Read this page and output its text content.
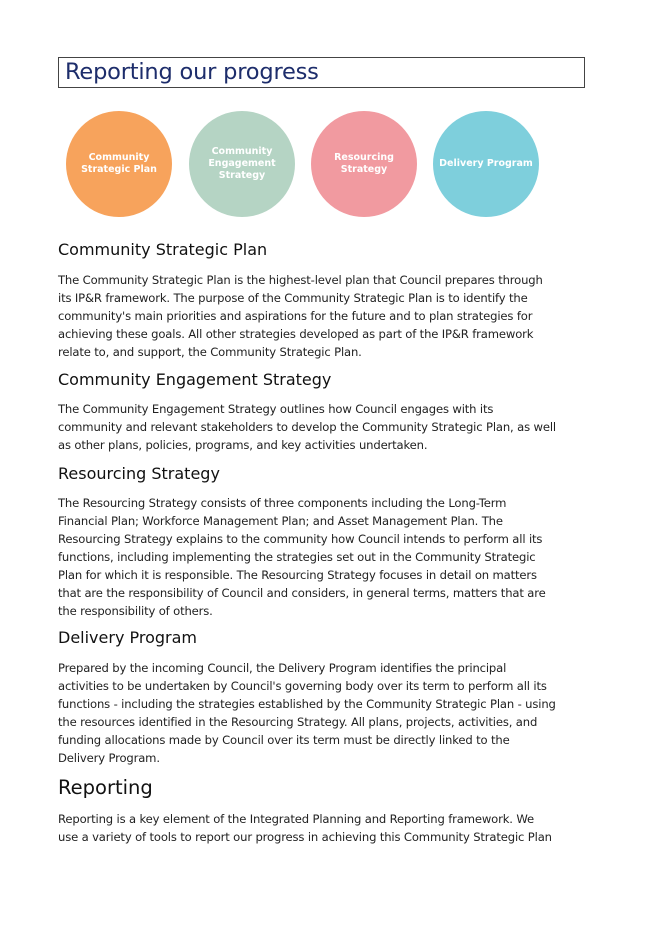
Reporting our progress
Community
Strategic Plan
Community
Engagement
Strategy
Resourcing
Strategy
Delivery Program
Community Strategic Plan
The Community Strategic Plan is the highest-level plan that Council prepares through
its IP&R framework. The purpose of the Community Strategic Plan is to identify the
community's main priorities and aspirations for the future and to plan strategies for
achieving these goals. All other strategies developed as part of the IP&R framework
relate to, and support, the Community Strategic Plan.
Community Engagement Strategy
The Community Engagement Strategy outlines how Council engages with its
community and relevant stakeholders to develop the Community Strategic Plan, as well
as other plans, policies, programs, and key activities undertaken.
Resourcing Strategy
The Resourcing Strategy consists of three components including the Long-Term
Financial Plan; Workforce Management Plan; and Asset Management Plan. The
Resourcing Strategy explains to the community how Council intends to perform all its
functions, including implementing the strategies set out in the Community Strategic
Plan for which it is responsible. The Resourcing Strategy focuses in detail on matters
that are the responsibility of Council and considers, in general terms, matters that are
the responsibility of others.
Delivery Program
Prepared by the incoming Council, the Delivery Program identifies the principal
activities to be undertaken by Council's governing body over its term to perform all its
functions - including the strategies established by the Community Strategic Plan - using
the resources identified in the Resourcing Strategy. All plans, projects, activities, and
funding allocations made by Council over its term must be directly linked to the
Delivery Program.
Reporting
Reporting is a key element of the Integrated Planning and Reporting framework. We
use a variety of tools to report our progress in achieving this Community Strategic Plan
